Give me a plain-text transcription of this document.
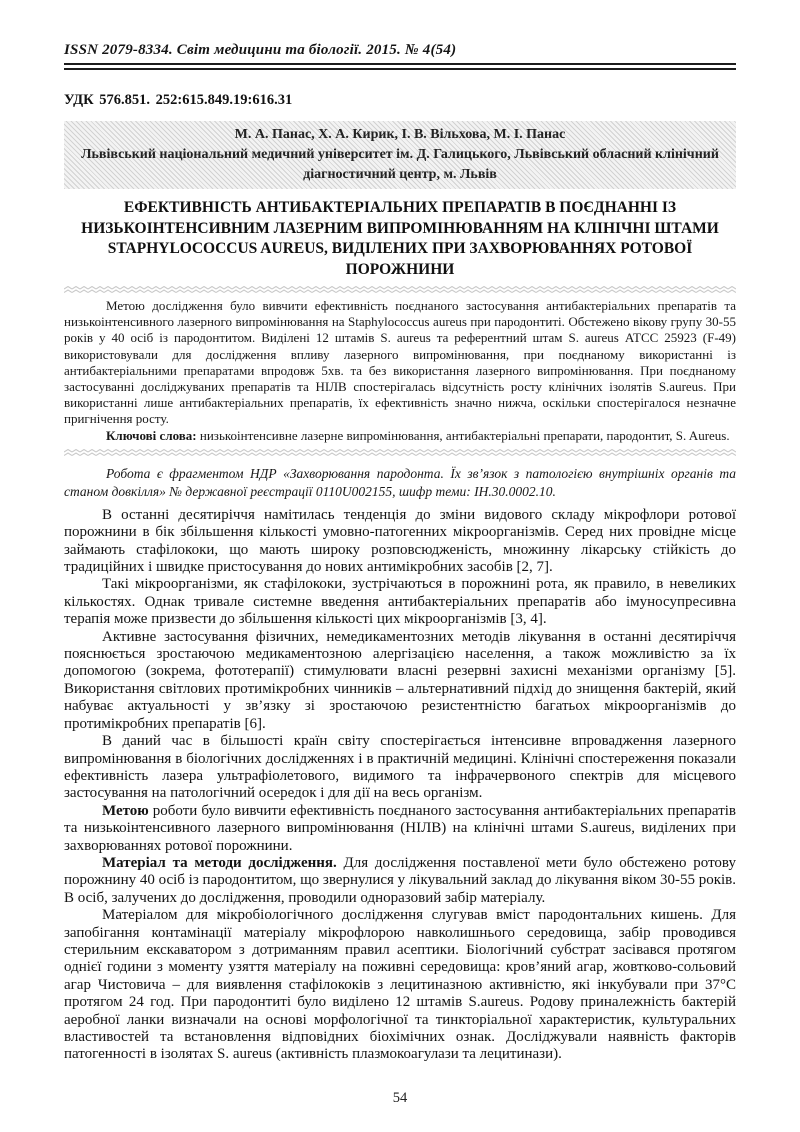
ISSN 2079-8334. Світ медицини та біології. 2015. № 4(54)
УДК 576.851. 252:615.849.19:616.31
М. А. Панас, Х. А. Кирик, І. В. Вільхова, М. І. Панас
Львівський національний медичний університет ім. Д. Галицького, Львівський обласний клінічний діагностичний центр, м. Львів
ЕФЕКТИВНІСТЬ АНТИБАКТЕРІАЛЬНИХ ПРЕПАРАТІВ В ПОЄДНАННІ ІЗ НИЗЬКОІНТЕНСИВНИМ ЛАЗЕРНИМ ВИПРОМІНЮВАННЯМ НА КЛІНІЧНІ ШТАМИ STAPHYLOCOCCUS AUREUS, ВИДІЛЕНИХ ПРИ ЗАХВОРЮВАННЯХ РОТОВОЇ ПОРОЖНИНИ

Метою дослідження було вивчити ефективність поєднаного застосування антибактеріальних препаратів та низькоінтенсивного лазерного випромінювання на Staphylococcus aureus при пародонтиті. Обстежено вікову групу 30-55 років у 40 осіб із пародонтитом. Виділені 12 штамів S. aureus та референтний штам S. aureus АТСС 25923 (F-49) використовували для дослідження впливу лазерного випромінювання, при поєднаному використанні із антибактеріальними препаратами впродовж 5хв. та без використання лазерного випромінювання. При поєднаному застосуванні досліджуваних препаратів та НІЛВ спостерігалась відсутність росту клінічних ізолятів S.aureus. При використанні лише антибактеріальних препаратів, їх ефективність значно нижча, оскільки спостерігалося незначне пригнічення росту.

Ключові слова: низькоінтенсивне лазерне випромінювання, антибактеріальні препарати, пародонтит, S. Aureus.

Робота є фрагментом НДР «Захворювання пародонта. Їх зв’язок з патологією внутрішніх органів та станом довкілля» № державної реєстрації 0110U002155, шифр теми: ІН.30.0002.10.

В останні десятиріччя намітилась тенденція до зміни видового складу мікрофлори ротової порожнини в бік збільшення кількості умовно-патогенних мікроорганізмів. Серед них провідне місце займають стафілококи, що мають широку розповсюдженість, множинну лікарську стійкість до традиційних і швидке пристосування до нових антимікробних засобів [2, 7].

Такі мікроорганізми, як стафілококи, зустрічаються в порожнині рота, як правило, в невеликих кількостях. Однак тривале системне введення антибактеріальних препаратів або імуносупресивна терапія може призвести до збільшення кількості цих мікроорганізмів [3, 4].

Активне застосування фізичних, немедикаментозних методів лікування в останні десятиріччя пояснюється зростаючою медикаментозною алергізацією населення, а також можливістю за їх допомогою (зокрема, фототерапії) стимулювати власні резервні захисні механізми організму [5]. Використання світлових протимікробних чинників – альтернативний підхід до знищення бактерій, який набуває актуальності у зв’язку зі зростаючою резистентністю багатьох мікроорганізмів до протимікробних препаратів [6].

В даний час в більшості країн світу спостерігається інтенсивне впровадження лазерного випромінювання в біологічних дослідженнях і в практичній медицині. Клінічні спостереження показали ефективність лазера ультрафіолетового, видимого та інфрачервоного спектрів для місцевого застосування на патологічний осередок і для дії на весь організм.

Метою роботи було вивчити ефективність поєднаного застосування антибактеріальних препаратів та низькоінтенсивного лазерного випромінювання (НІЛВ) на клінічні штами S.aureus, виділених при захворюваннях ротової порожнини.

Матеріал та методи дослідження. Для дослідження поставленої мети було обстежено ротову порожнину 40 осіб із пародонтитом, що звернулися у лікувальний заклад до лікування віком 30-55 років. В осіб, залучених до дослідження, проводили одноразовий забір матеріалу.

Матеріалом для мікробіологічного дослідження слугував вміст пародонтальних кишень. Для запобігання контамінації матеріалу мікрофлорою навколишнього середовища, забір проводився стерильним екскаватором з дотриманням правил асептики. Біологічний субстрат засівався протягом однієї години з моменту узяття матеріалу на поживні середовища: кров’яний агар, жовтково-сольовий агар Чистовича – для виявлення стафілококів з лецитиназною активністю, які інкубували при 37°С протягом 24 год. При пародонтиті було виділено 12 штамів S.aureus. Родову приналежність бактерій аеробної ланки визначали на основі морфологічної та тинкторіальної характеристик, культуральних властивостей та встановлення відповідних біохімічних ознак. Досліджували наявність факторів патогенності в ізолятах S. aureus (активність плазмокоагулази та лецитинази).

54
